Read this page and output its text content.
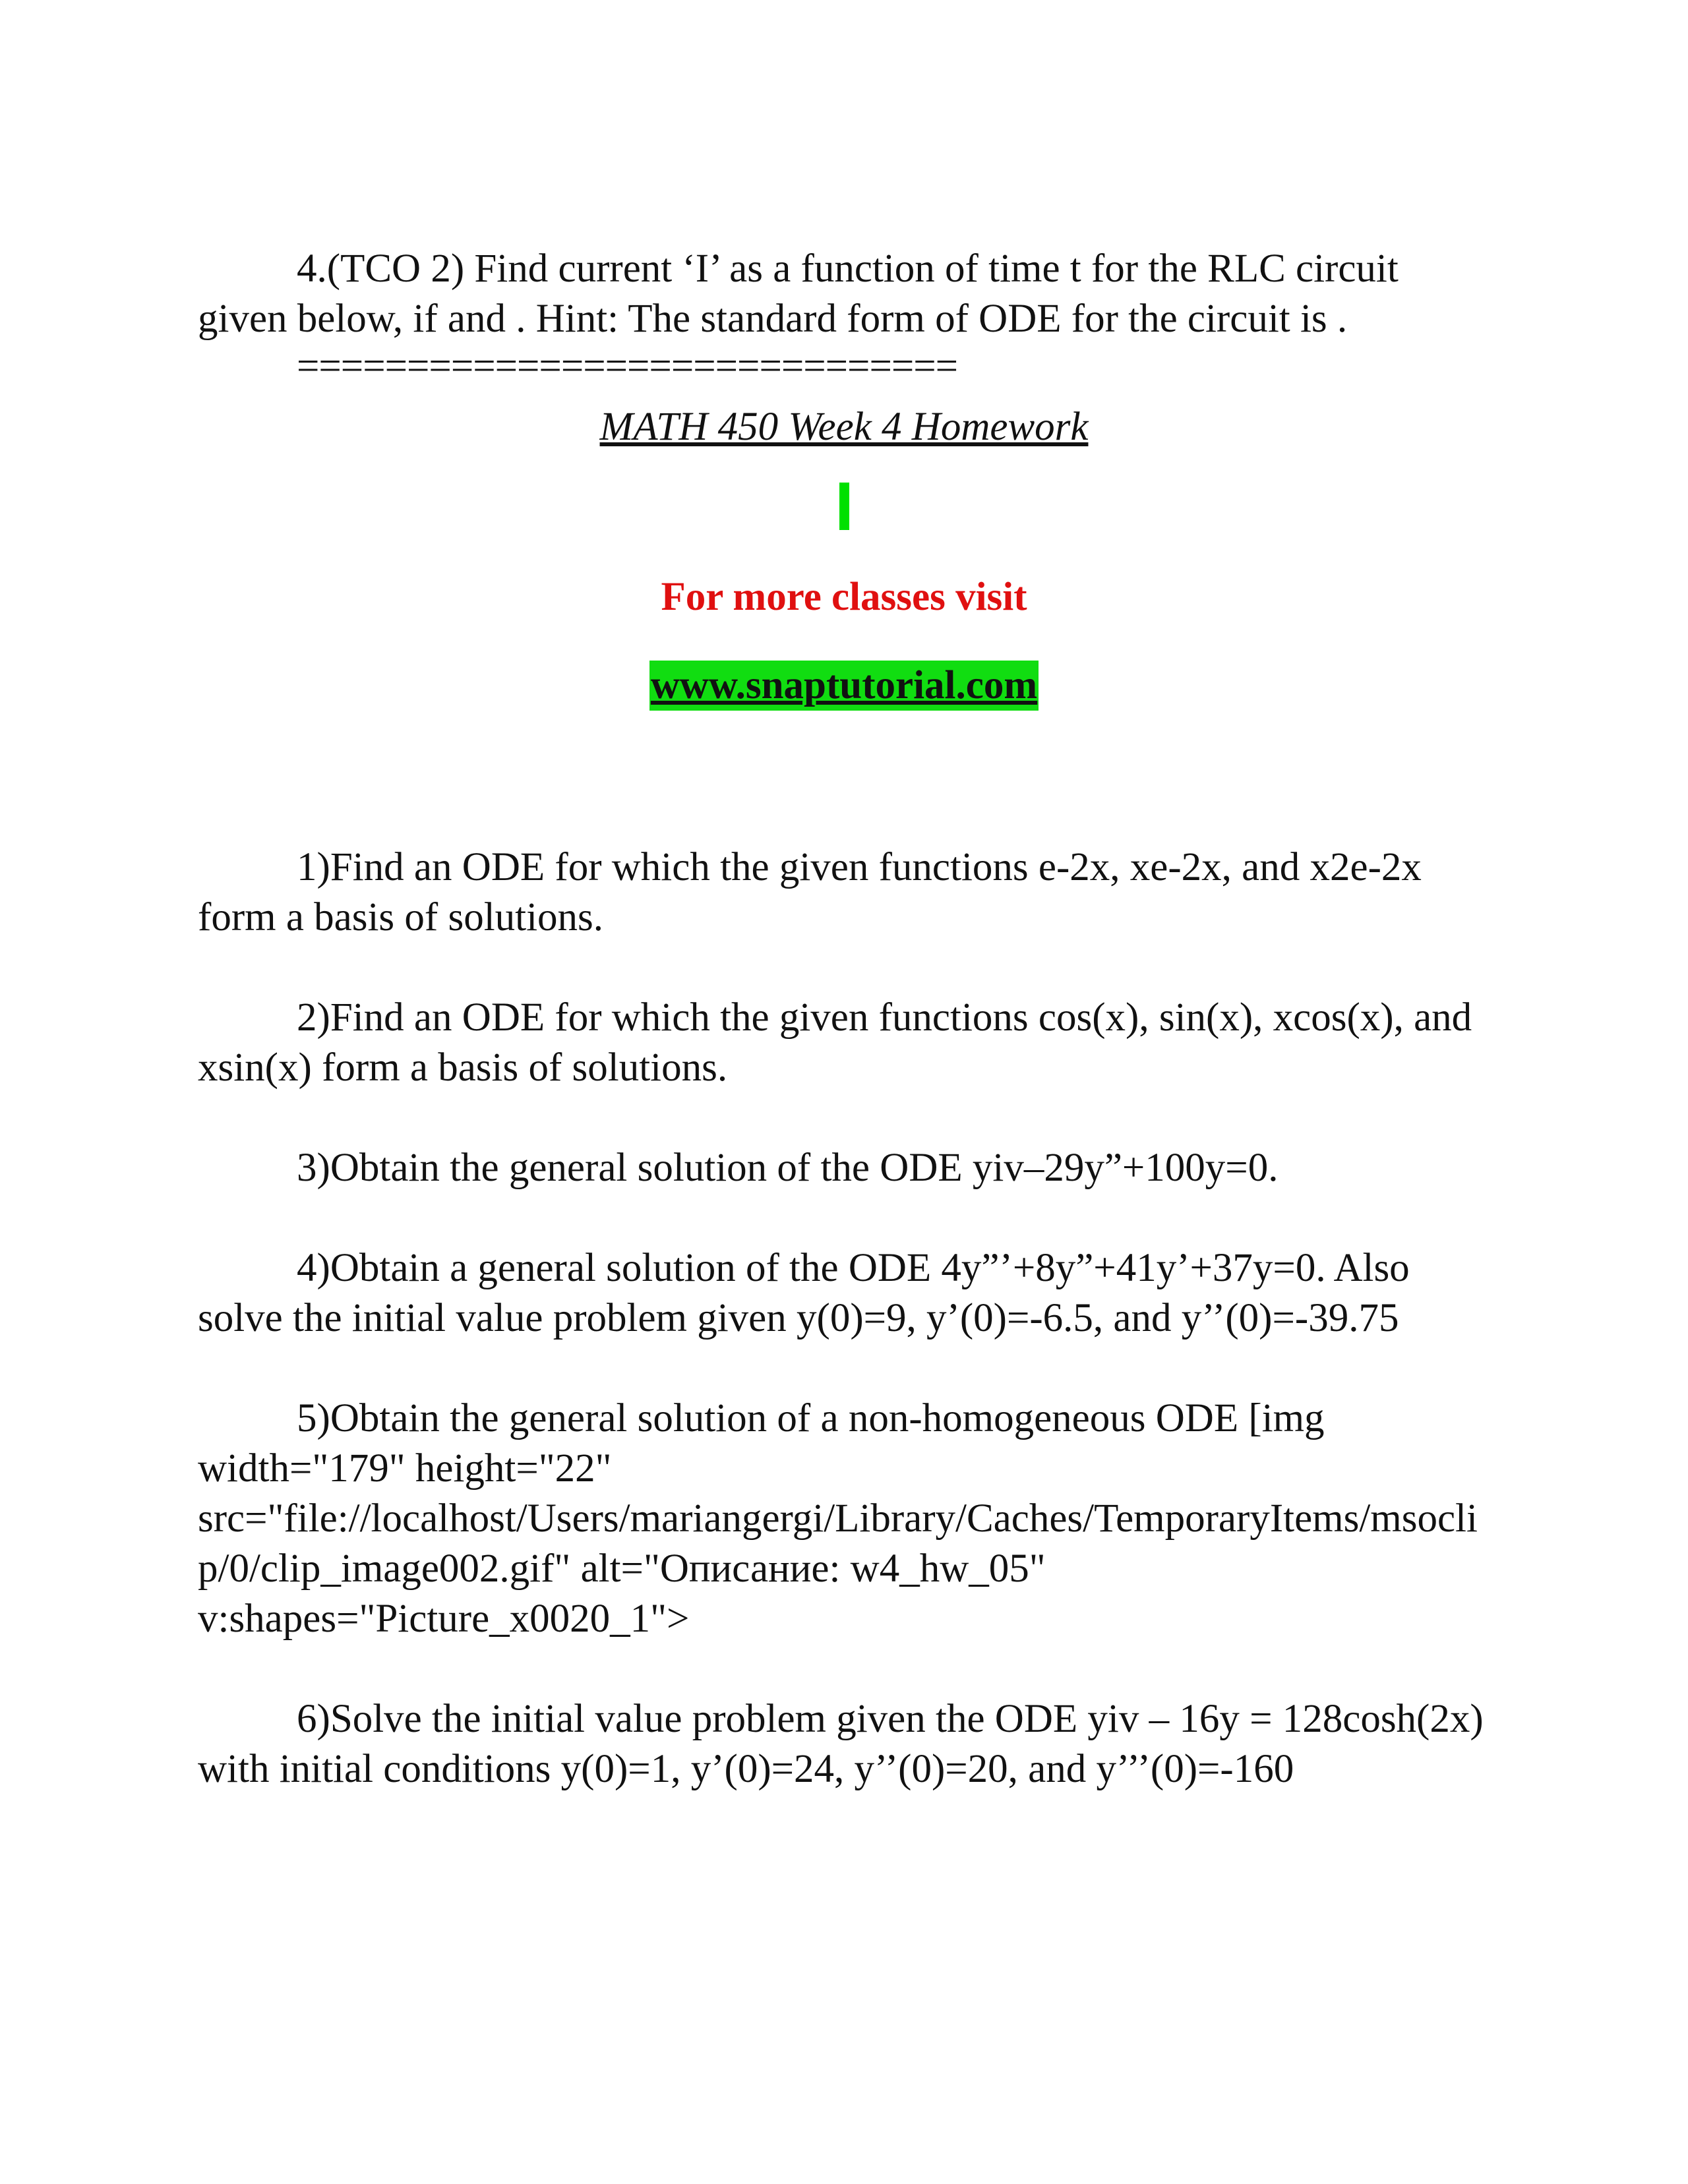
4.(TCO 2) Find current ‘I’ as a function of time t for the RLC circuit given below, if and . Hint: The standard form of ODE for the circuit is .

==============================
MATH 450 Week 4 Homework
For more classes visit
www.snaptutorial.com

1)Find an ODE for which the given functions e-2x, xe-2x, and x2e-2x form a basis of solutions.

2)Find an ODE for which the given functions cos(x), sin(x), xcos(x), and xsin(x) form a basis of solutions.

3)Obtain the general solution of the ODE yiv–29y”+100y=0.

4)Obtain a general solution of the ODE 4y”’+8y”+41y’+37y=0. Also solve the initial value problem given y(0)=9, y’(0)=-6.5, and y’’(0)=-39.75

5)Obtain the general solution of a non-homogeneous ODE [img width="179" height="22" src="file://localhost/Users/mariangergi/Library/Caches/TemporaryItems/msoclip/0/clip_image002.gif" alt="Описание: w4_hw_05" v:shapes="Picture_x0020_1">

6)Solve the initial value problem given the ODE yiv – 16y = 128cosh(2x) with initial conditions y(0)=1, y’(0)=24, y’’(0)=20, and y’’’(0)=-160
